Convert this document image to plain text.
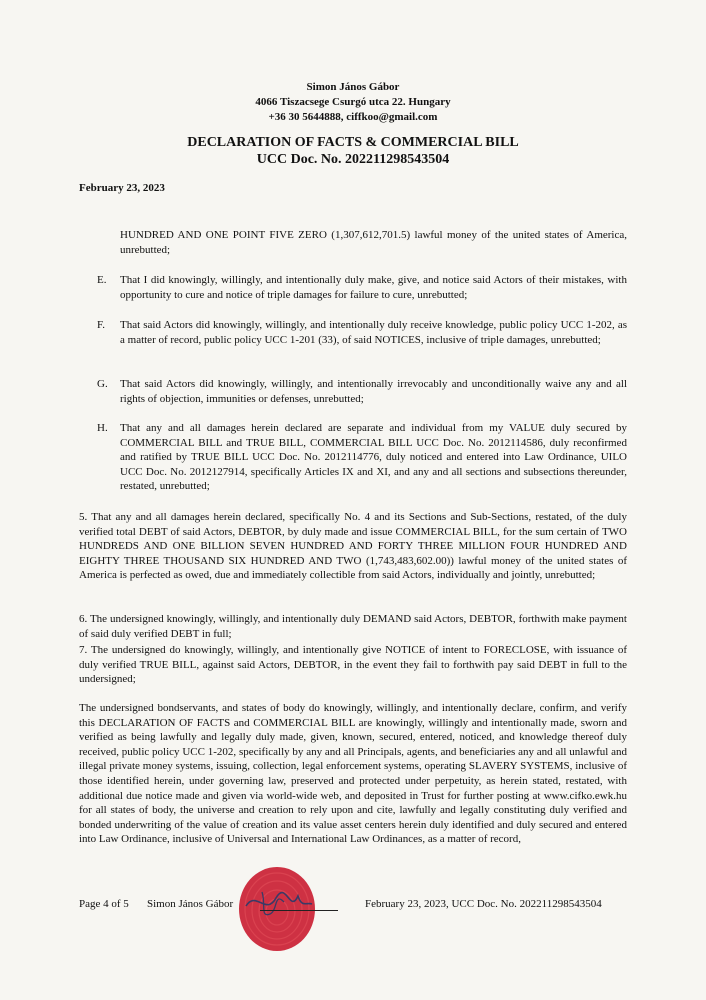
Simon János Gábor
4066 Tiszacsege Csurgó utca 22. Hungary
+36 30 5644888, ciffkoo@gmail.com
DECLARATION OF FACTS & COMMERCIAL BILL
UCC Doc. No. 202211298543504
February 23, 2023
HUNDRED AND ONE POINT FIVE ZERO (1,307,612,701.5) lawful money of the united states of America, unrebutted;
E. That I did knowingly, willingly, and intentionally duly make, give, and notice said Actors of their mistakes, with opportunity to cure and notice of triple damages for failure to cure, unrebutted;
F. That said Actors did knowingly, willingly, and intentionally duly receive knowledge, public policy UCC 1-202, as a matter of record, public policy UCC 1-201 (33), of said NOTICES, inclusive of triple damages, unrebutted;
G. That said Actors did knowingly, willingly, and intentionally irrevocably and unconditionally waive any and all rights of objection, immunities or defenses, unrebutted;
H. That any and all damages herein declared are separate and individual from my VALUE duly secured by COMMERCIAL BILL and TRUE BILL, COMMERCIAL BILL UCC Doc. No. 2012114586, duly reconfirmed and ratified by TRUE BILL UCC Doc. No. 2012114776, duly noticed and entered into Law Ordinance, UILO UCC Doc. No. 2012127914, specifically Articles IX and XI, and any and all sections and subsections thereunder, restated, unrebutted;
5. That any and all damages herein declared, specifically No. 4 and its Sections and Sub-Sections, restated, of the duly verified total DEBT of said Actors, DEBTOR, by duly made and issue COMMERCIAL BILL, for the sum certain of TWO HUNDREDS AND ONE BILLION SEVEN HUNDRED AND FORTY THREE MILLION FOUR HUNDRED AND EIGHTY THREE THOUSAND SIX HUNDRED AND TWO (1,743,483,602.00)) lawful money of the united states of America is perfected as owed, due and immediately collectible from said Actors, individually and jointly, unrebutted;
6. The undersigned knowingly, willingly, and intentionally duly DEMAND said Actors, DEBTOR, forthwith make payment of said duly verified DEBT in full;
7. The undersigned do knowingly, willingly, and intentionally give NOTICE of intent to FORECLOSE, with issuance of duly verified TRUE BILL, against said Actors, DEBTOR, in the event they fail to forthwith pay said DEBT in full to the undersigned;
The undersigned bondservants, and states of body do knowingly, willingly, and intentionally declare, confirm, and verify this DECLARATION OF FACTS and COMMERCIAL BILL are knowingly, willingly and intentionally made, sworn and verified as being lawfully and legally duly made, given, known, secured, entered, noticed, and knowledge thereof duly received, public policy UCC 1-202, specifically by any and all Principals, agents, and beneficiaries any and all unlawful and illegal private money systems, issuing, collection, legal enforcement systems, operating SLAVERY SYSTEMS, inclusive of those identified herein, under governing law, preserved and protected under perpetuity, as herein stated, restated, with additional due notice made and given via world-wide web, and deposited in Trust for further posting at www.cifko.ewk.hu for all states of body, the universe and creation to rely upon and cite, lawfully and legally constituting duly verified and bonded underwriting of the value of creation and its value asset centers herein duly identified and duly secured and entered into Law Ordinance, inclusive of Universal and International Law Ordinances, as a matter of record,
Page 4 of 5 Simon János Gábor	February 23, 2023, UCC Doc. No. 202211298543504
